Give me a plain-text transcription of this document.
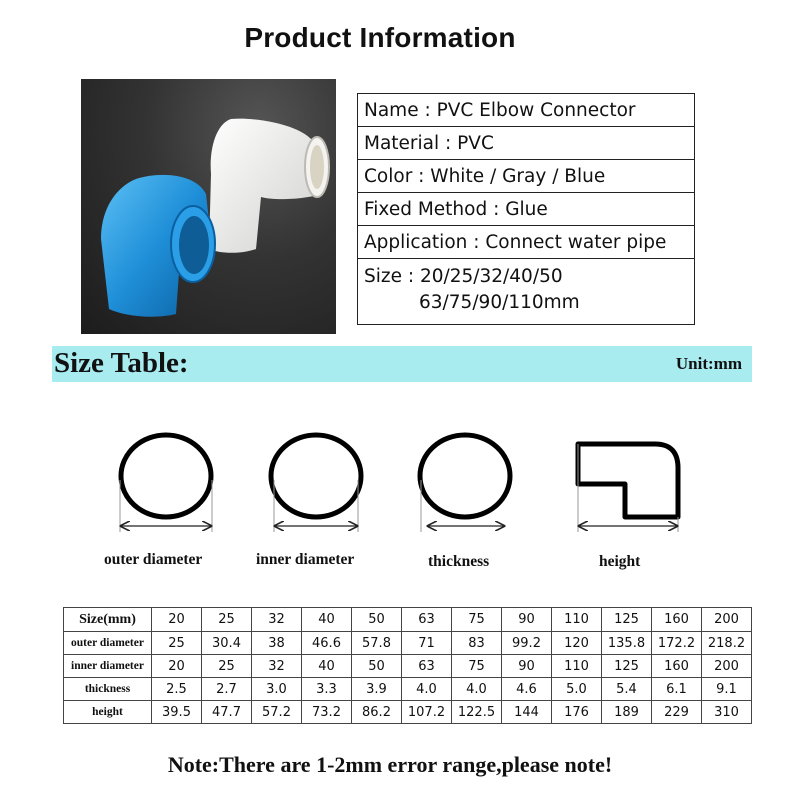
Product Information
Name : PVC Elbow Connector
Material : PVC
Color : White / Gray / Blue
Fixed Method : Glue
Application : Connect water pipe
Size : 20/25/32/40/50
63/75/90/110mm
Size Table:	Unit:mm
outer diameter	inner diameter	thickness	height
Size(mm)	20	25	32	40	50	63	75	90	110	125	160	200
outer diameter	25	30.4	38	46.6	57.8	71	83	99.2	120	135.8	172.2	218.2
inner diameter	20	25	32	40	50	63	75	90	110	125	160	200
thickness	2.5	2.7	3.0	3.3	3.9	4.0	4.0	4.6	5.0	5.4	6.1	9.1
height	39.5	47.7	57.2	73.2	86.2	107.2	122.5	144	176	189	229	310
Note:There are 1-2mm error range,please note!
